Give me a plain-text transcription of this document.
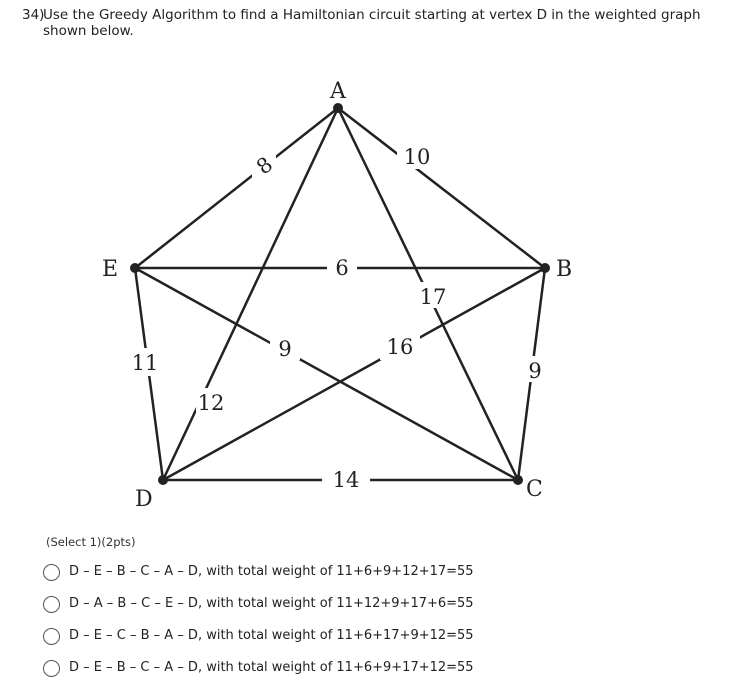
34)
Use the Greedy Algorithm to find a Hamiltonian circuit starting at vertex D in the weighted graph shown below.
8	10
6
17
12
9	16
11	9
14
A
B
C
D
E
(Select 1)(2pts)
D – E – B – C – A – D, with total weight of 11+6+9+12+17=55
D – A – B – C – E – D, with total weight of 11+12+9+17+6=55
D – E – C – B – A – D, with total weight of 11+6+17+9+12=55
D – E – B – C – A – D, with total weight of 11+6+9+17+12=55
